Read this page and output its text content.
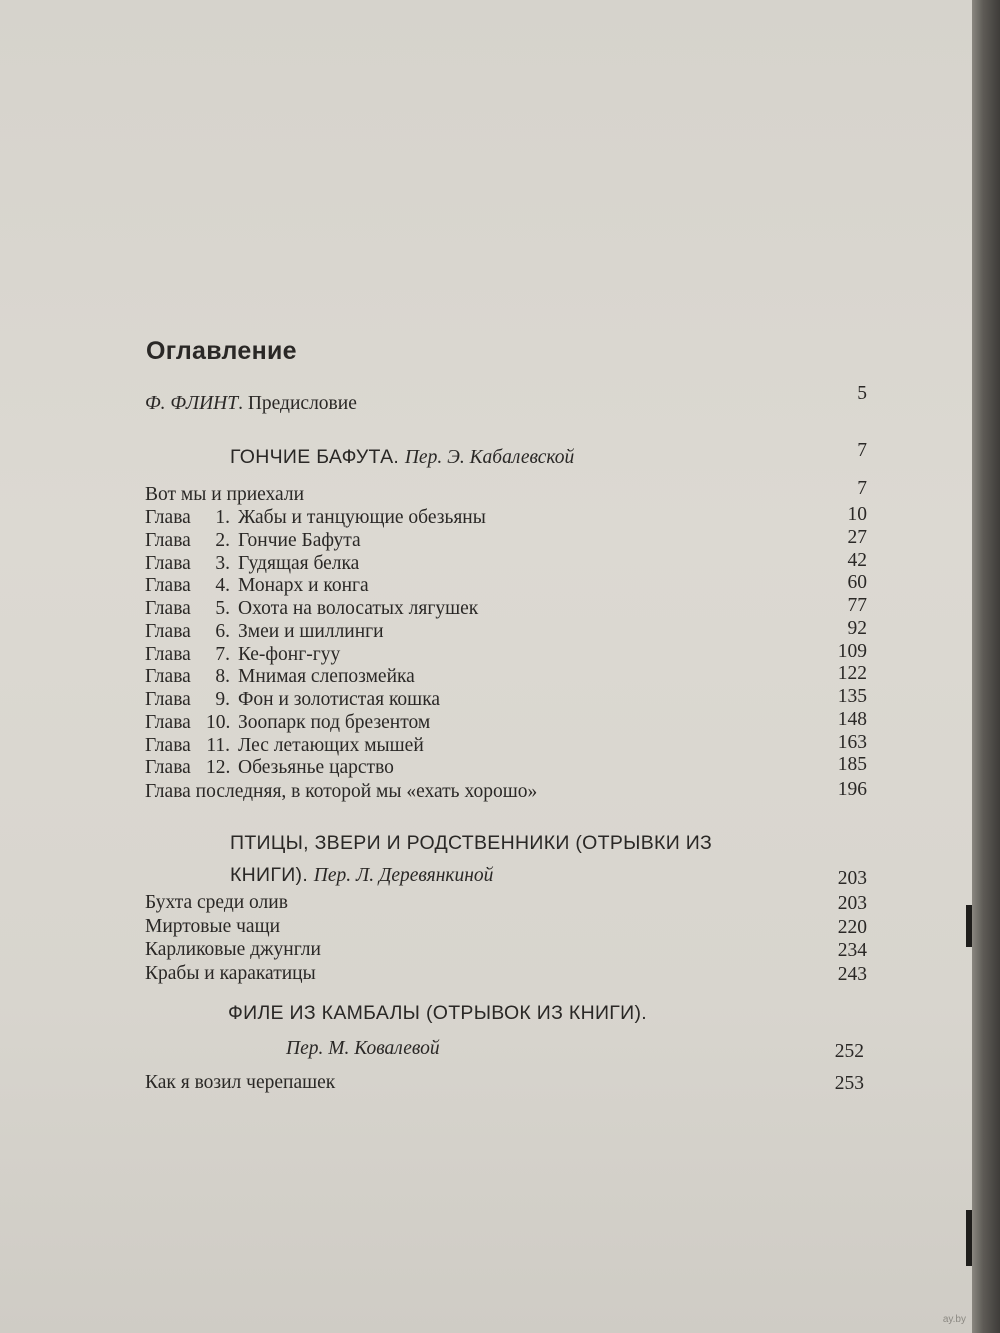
Оглавление
Ф. ФЛИНТ. Предисловие	5
ГОНЧИЕ БАФУТА. Пер. Э. Кабалевской	7
Вот мы и приехали	7
Глава 1. Жабы и танцующие обезьяны	10
Глава 2. Гончие Бафута	27
Глава 3. Гудящая белка	42
Глава 4. Монарх и конга	60
Глава 5. Охота на волосатых лягушек	77
Глава 6. Змеи и шиллинги	92
Глава 7. Ке-фонг-гуу	109
Глава 8. Мнимая слепозмейка	122
Глава 9. Фон и золотистая кошка	135
Глава 10. Зоопарк под брезентом	148
Глава 11. Лес летающих мышей	163
Глава 12. Обезьянье царство	185
Глава последняя, в которой мы «ехать хорошо»	196
ПТИЦЫ, ЗВЕРИ И РОДСТВЕННИКИ (ОТРЫВКИ ИЗ
КНИГИ). Пер. Л. Деревянкиной	203
Бухта среди олив	203
Миртовые чащи	220
Карликовые джунгли	234
Крабы и каракатицы	243
ФИЛЕ ИЗ КАМБАЛЫ (ОТРЫВОК ИЗ КНИГИ).
Пер. М. Ковалевой	252
Как я возил черепашек	253
ay.by
